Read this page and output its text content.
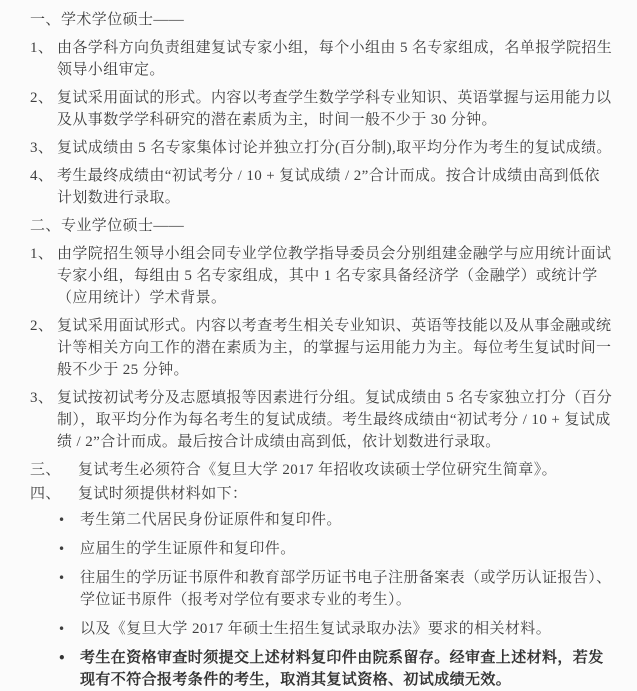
一、 学术学位硕士——
1、 由各学科方向负责组建复试专家小组，每个小组由 5 名专家组成，名单报学院招生领导小组审定。
2、 复试采用面试的形式。内容以考查学生数学学科专业知识、英语掌握与运用能力以及从事数学学科研究的潜在素质为主，时间一般不少于 30 分钟。
3、 复试成绩由 5 名专家集体讨论并独立打分(百分制),取平均分作为考生的复试成绩。
4、 考生最终成绩由“初试考分 / 10 + 复试成绩 / 2”合计而成。按合计成绩由高到低依计划数进行录取。
二、 专业学位硕士——
1、 由学院招生领导小组会同专业学位教学指导委员会分别组建金融学与应用统计面试专家小组，每组由 5 名专家组成，其中 1 名专家具备经济学（金融学）或统计学（应用统计）学术背景。
2、 复试采用面试形式。内容以考查考生相关专业知识、英语等技能以及从事金融或统计等相关方向工作的潜在素质为主，的掌握与运用能力为主。每位考生复试时间一般不少于 25 分钟。
3、 复试按初试考分及志愿填报等因素进行分组。复试成绩由 5 名专家独立打分（百分制），取平均分作为每名考生的复试成绩。考生最终成绩由“初试考分 / 10 + 复试成绩 / 2”合计而成。最后按合计成绩由高到低，依计划数进行录取。
三、	复试考生必须符合《复旦大学 2017 年招收攻读硕士学位研究生简章》。
四、	复试时须提供材料如下：
• 考生第二代居民身份证原件和复印件。
• 应届生的学生证原件和复印件。
• 往届生的学历证书原件和教育部学历证书电子注册备案表（或学历认证报告）、学位证书原件（报考对学位有要求专业的考生）。
• 以及《复旦大学 2017 年硕士生招生复试录取办法》要求的相关材料。
• 考生在资格审查时须提交上述材料复印件由院系留存。经审查上述材料，若发现有不符合报考条件的考生，取消其复试资格、初试成绩无效。
